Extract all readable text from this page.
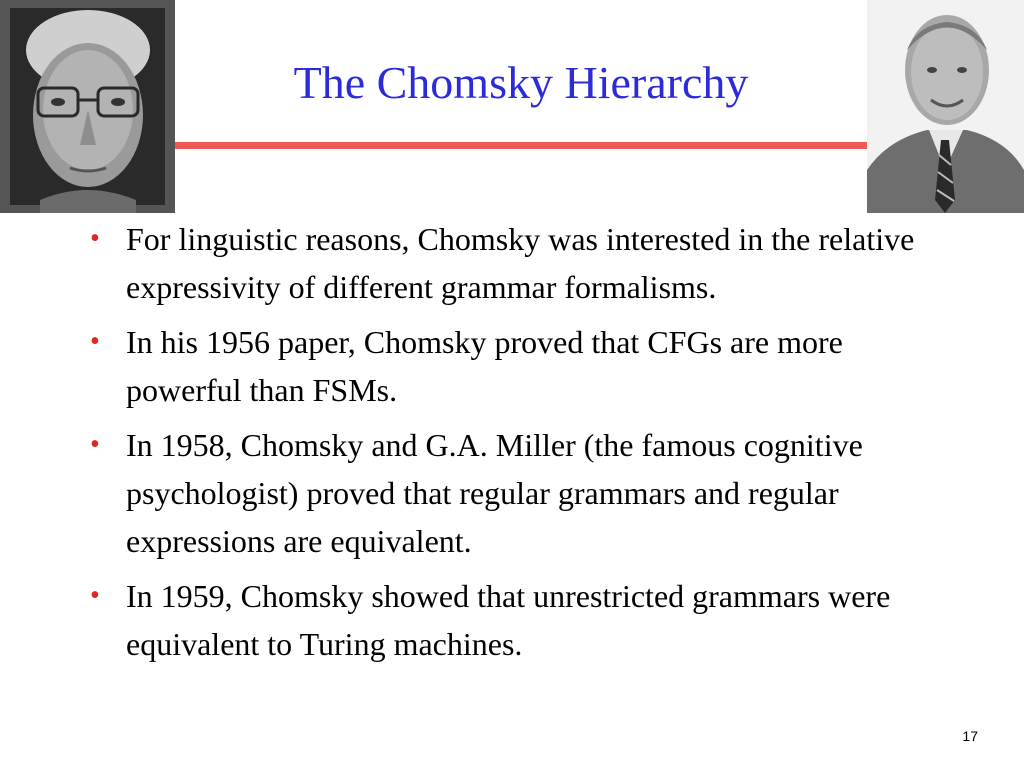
The Chomsky Hierarchy
• For linguistic reasons, Chomsky was interested in the relative expressivity of different grammar formalisms.
• In his 1956 paper, Chomsky proved that CFGs are more powerful than FSMs.
• In 1958, Chomsky and G.A. Miller (the famous cognitive psychologist) proved that regular grammars and regular expressions are equivalent.
• In 1959, Chomsky showed that unrestricted grammars were equivalent to Turing machines.
17
